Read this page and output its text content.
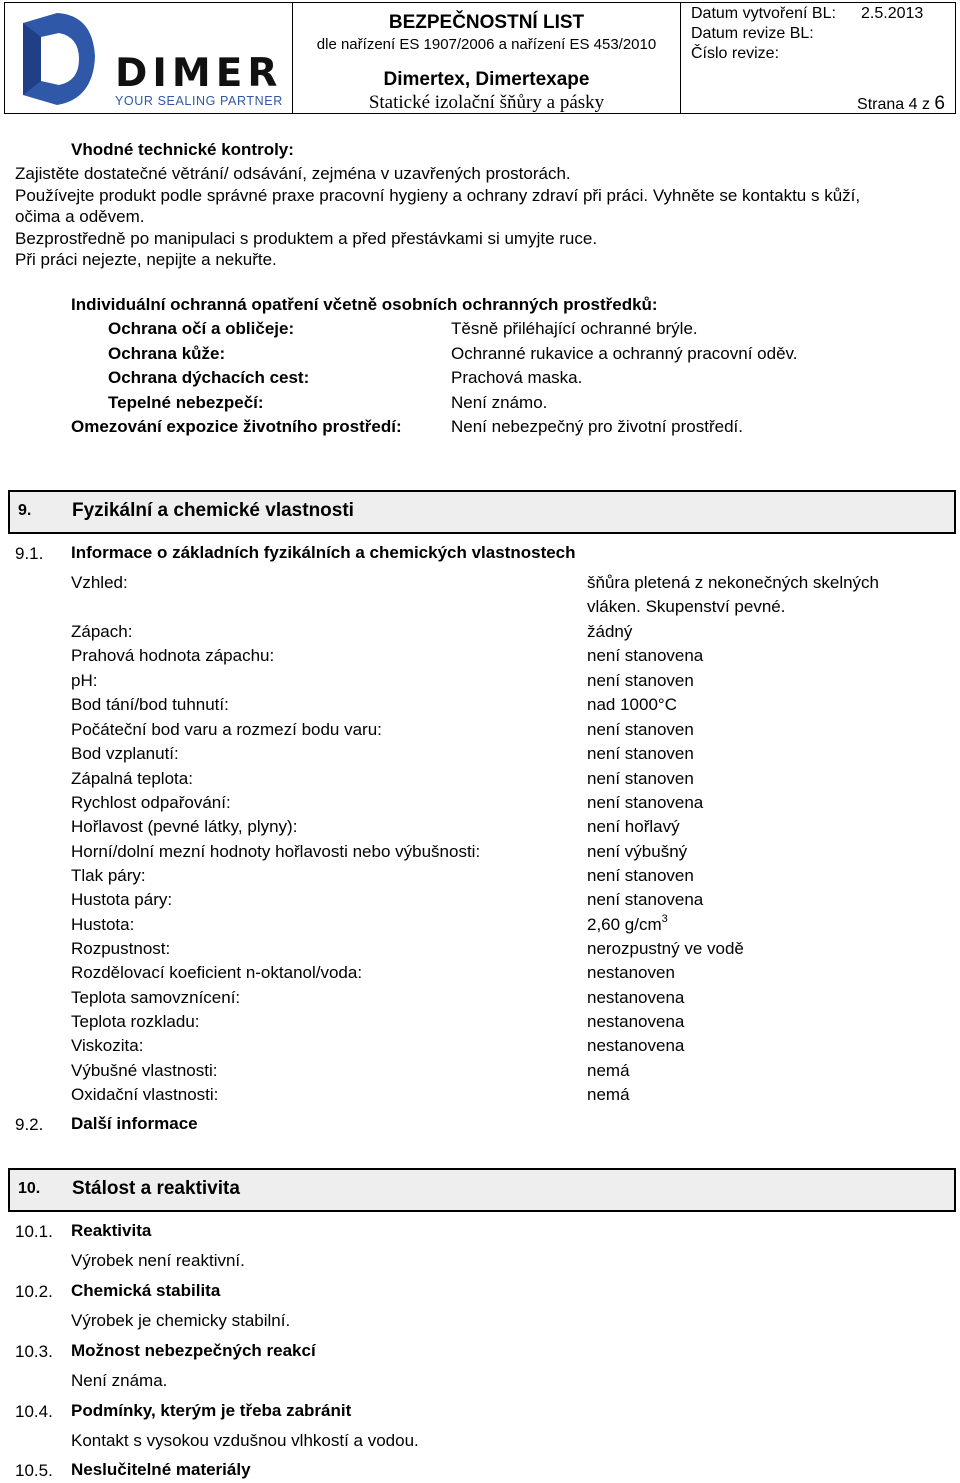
DIMER
YOUR SEALING PARTNER
BEZPEČNOSTNÍ LIST
dle nařízení ES 1907/2006 a nařízení ES 453/2010
Dimertex, Dimertexape
Statické izolační šňůry a pásky
Datum vytvoření BL: 2.5.2013
Datum revize BL:
Číslo revize:
Strana 4 z 6
Vhodné technické kontroly:
Zajistěte dostatečné větrání/ odsávání, zejména v uzavřených prostorách.
Používejte produkt podle správné praxe pracovní hygieny a ochrany zdraví při práci. Vyhněte se kontaktu s kůží,
očima a oděvem.
Bezprostředně po manipulaci s produktem a před přestávkami si umyjte ruce.
Při práci nejezte, nepijte a nekuřte.
Individuální ochranná opatření včetně osobních ochranných prostředků:
Ochrana očí a obličeje:	Těsně přiléhající ochranné brýle.
Ochrana kůže:	Ochranné rukavice a ochranný pracovní oděv.
Ochrana dýchacích cest:	Prachová maska.
Tepelné nebezpečí:	Není známo.
Omezování expozice životního prostředí:	Není nebezpečný pro životní prostředí.
9. Fyzikální a chemické vlastnosti
9.1. Informace o základních fyzikálních a chemických vlastnostech
Vzhled:	šňůra pletená z nekonečných skelných
vláken. Skupenství pevné.
Zápach:	žádný
Prahová hodnota zápachu:	není stanovena
pH:	není stanoven
Bod tání/bod tuhnutí:	nad 1000°C
Počáteční bod varu a rozmezí bodu varu:	není stanoven
Bod vzplanutí:	není stanoven
Zápalná teplota:	není stanoven
Rychlost odpařování:	není stanovena
Hořlavost (pevné látky, plyny):	není hořlavý
Horní/dolní mezní hodnoty hořlavosti nebo výbušnosti:	není výbušný
Tlak páry:	není stanoven
Hustota páry:	není stanovena
Hustota:	2,60 $g/cm^3$
Rozpustnost:	nerozpustný ve vodě
Rozdělovací koeficient n-oktanol/voda:	nestanoven
Teplota samovznícení:	nestanovena
Teplota rozkladu:	nestanovena
Viskozita:	nestanovena
Výbušné vlastnosti:	nemá
Oxidační vlastnosti:	nemá
9.2. Další informace
10. Stálost a reaktivita
10.1. Reaktivita
Výrobek není reaktivní.
10.2. Chemická stabilita
Výrobek je chemicky stabilní.
10.3. Možnost nebezpečných reakcí
Není známa.
10.4. Podmínky, kterým je třeba zabránit
Kontakt s vysokou vzdušnou vlhkostí a vodou.
10.5. Neslučitelné materiály
